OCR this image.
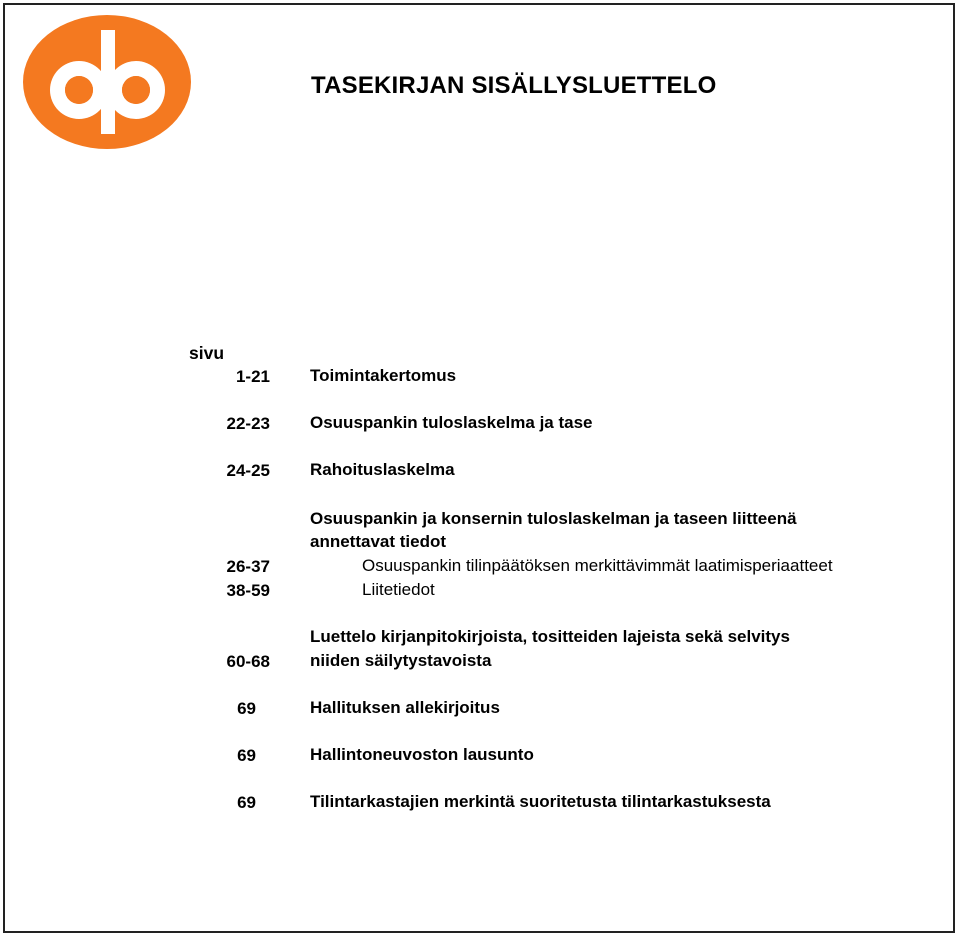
TASEKIRJAN SISÄLLYSLUETTELO
sivu
1-21 Toimintakertomus
22-23 Osuuspankin tuloslaskelma ja tase
24-25 Rahoituslaskelma
Osuuspankin ja konsernin tuloslaskelman ja taseen liitteenä
annettavat tiedot
26-37	Osuuspankin tilinpäätöksen merkittävimmät laatimisperiaatteet
38-59	Liitetiedot
Luettelo kirjanpitokirjoista, tositteiden lajeista sekä selvitys
60-68 niiden säilytystavoista
69	Hallituksen allekirjoitus
69	Hallintoneuvoston lausunto
69	Tilintarkastajien merkintä suoritetusta tilintarkastuksesta
